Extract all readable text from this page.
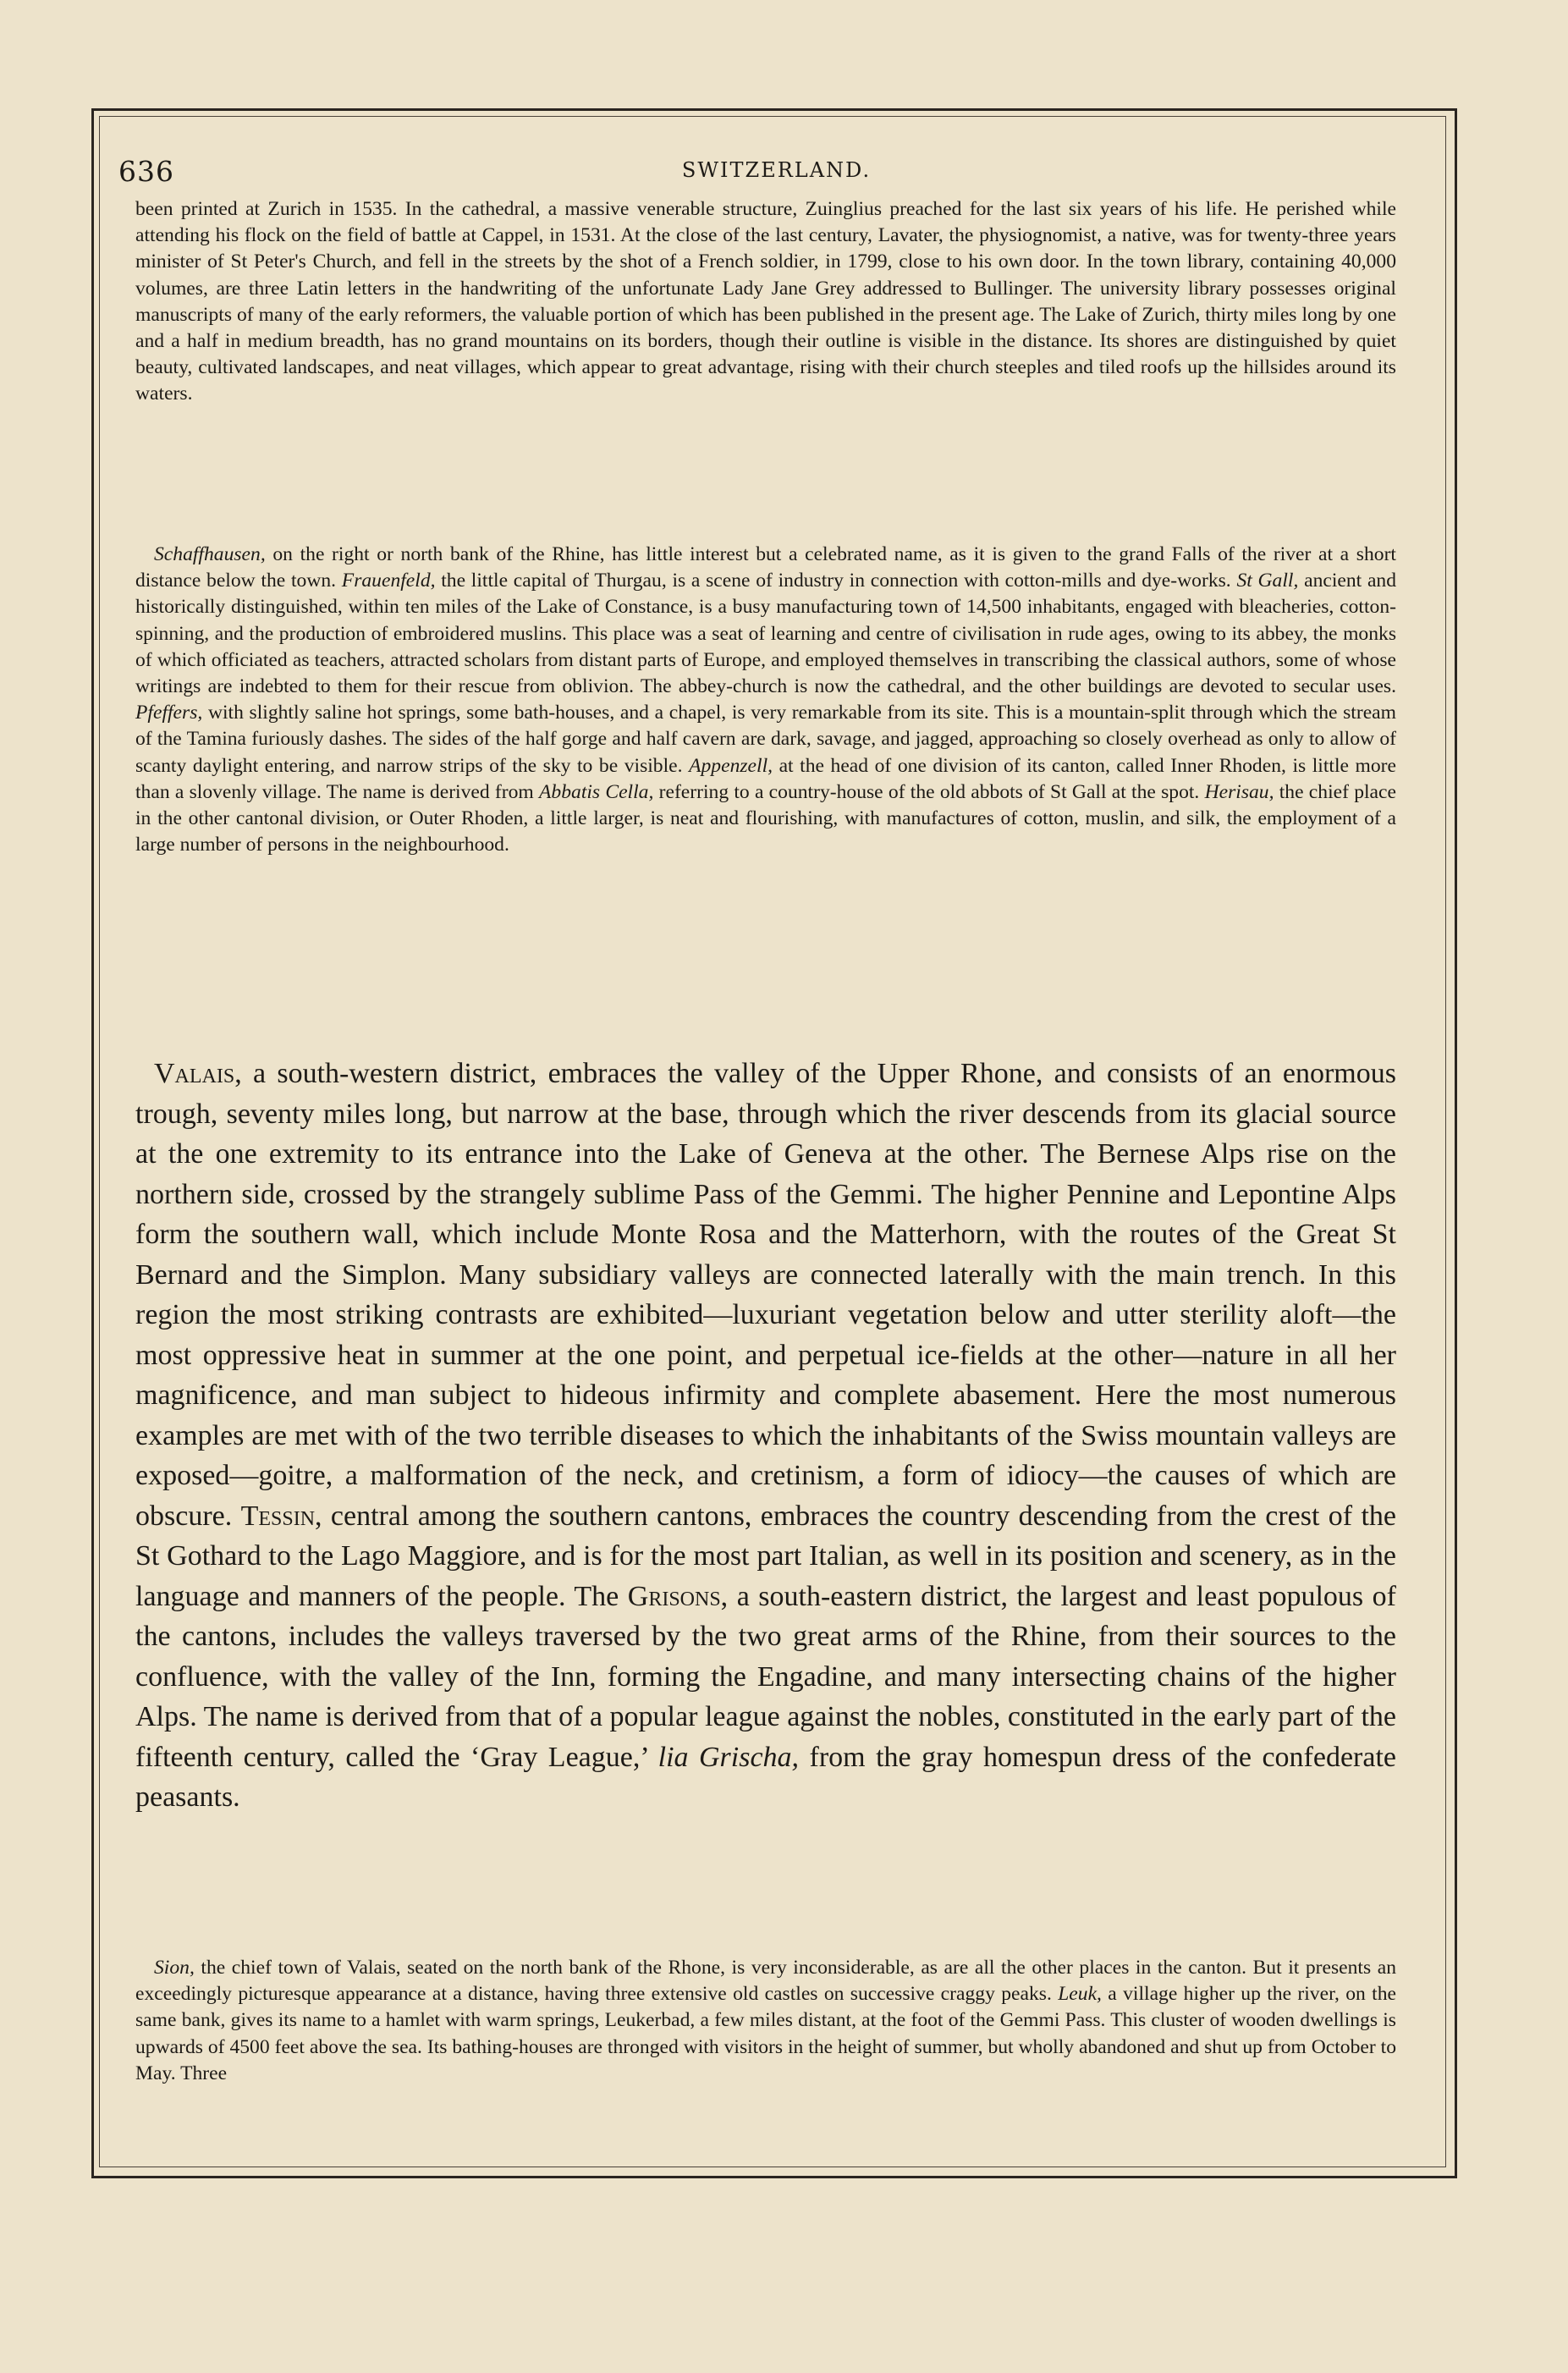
636	SWITZERLAND.

been printed at Zurich in 1535. In the cathedral, a massive venerable structure, Zuinglius preached for the last six years of his life. He perished while attending his flock on the field of battle at Cappel, in 1531. At the close of the last century, Lavater, the physiognomist, a native, was for twenty-three years minister of St Peter's Church, and fell in the streets by the shot of a French soldier, in 1799, close to his own door. In the town library, containing 40,000 volumes, are three Latin letters in the handwriting of the unfortunate Lady Jane Grey addressed to Bullinger. The university library possesses original manuscripts of many of the early reformers, the valuable portion of which has been published in the present age. The Lake of Zurich, thirty miles long by one and a half in medium breadth, has no grand mountains on its borders, though their outline is visible in the distance. Its shores are distinguished by quiet beauty, cultivated landscapes, and neat villages, which appear to great advantage, rising with their church steeples and tiled roofs up the hillsides around its waters.

Schaffhausen, on the right or north bank of the Rhine, has little interest but a celebrated name, as it is given to the grand Falls of the river at a short distance below the town. Frauenfeld, the little capital of Thurgau, is a scene of industry in connection with cotton-mills and dye-works. St Gall, ancient and historically distinguished, within ten miles of the Lake of Constance, is a busy manufacturing town of 14,500 inhabitants, engaged with bleacheries, cotton-spinning, and the production of embroidered muslins. This place was a seat of learning and centre of civilisation in rude ages, owing to its abbey, the monks of which officiated as teachers, attracted scholars from distant parts of Europe, and employed themselves in transcribing the classical authors, some of whose writings are indebted to them for their rescue from oblivion. The abbey-church is now the cathedral, and the other buildings are devoted to secular uses. Pfeffers, with slightly saline hot springs, some bath-houses, and a chapel, is very remarkable from its site. This is a mountain-split through which the stream of the Tamina furiously dashes. The sides of the half gorge and half cavern are dark, savage, and jagged, approaching so closely overhead as only to allow of scanty daylight entering, and narrow strips of the sky to be visible. Appenzell, at the head of one division of its canton, called Inner Rhoden, is little more than a slovenly village. The name is derived from Abbatis Cella, referring to a country-house of the old abbots of St Gall at the spot. Herisau, the chief place in the other cantonal division, or Outer Rhoden, a little larger, is neat and flourishing, with manufactures of cotton, muslin, and silk, the employment of a large number of persons in the neighbourhood.

Valais, a south-western district, embraces the valley of the Upper Rhone, and consists of an enormous trough, seventy miles long, but narrow at the base, through which the river descends from its glacial source at the one extremity to its entrance into the Lake of Geneva at the other. The Bernese Alps rise on the northern side, crossed by the strangely sublime Pass of the Gemmi. The higher Pennine and Lepontine Alps form the southern wall, which include Monte Rosa and the Matterhorn, with the routes of the Great St Bernard and the Simplon. Many subsidiary valleys are connected laterally with the main trench. In this region the most striking contrasts are exhibited—luxuriant vegetation below and utter sterility aloft—the most oppressive heat in summer at the one point, and perpetual ice-fields at the other—nature in all her magnificence, and man subject to hideous infirmity and complete abasement. Here the most numerous examples are met with of the two terrible diseases to which the inhabitants of the Swiss mountain valleys are exposed—goitre, a malformation of the neck, and cretinism, a form of idiocy—the causes of which are obscure. Tessin, central among the southern cantons, embraces the country descending from the crest of the St Gothard to the Lago Maggiore, and is for the most part Italian, as well in its position and scenery, as in the language and manners of the people. The Grisons, a south-eastern district, the largest and least populous of the cantons, includes the valleys traversed by the two great arms of the Rhine, from their sources to the confluence, with the valley of the Inn, forming the Engadine, and many intersecting chains of the higher Alps. The name is derived from that of a popular league against the nobles, constituted in the early part of the fifteenth century, called the ‘Gray League,’ lia Grischa, from the gray homespun dress of the confederate peasants.

Sion, the chief town of Valais, seated on the north bank of the Rhone, is very inconsiderable, as are all the other places in the canton. But it presents an exceedingly picturesque appearance at a distance, having three extensive old castles on successive craggy peaks. Leuk, a village higher up the river, on the same bank, gives its name to a hamlet with warm springs, Leukerbad, a few miles distant, at the foot of the Gemmi Pass. This cluster of wooden dwellings is upwards of 4500 feet above the sea. Its bathing-houses are thronged with visitors in the height of summer, but wholly abandoned and shut up from October to May. Three
